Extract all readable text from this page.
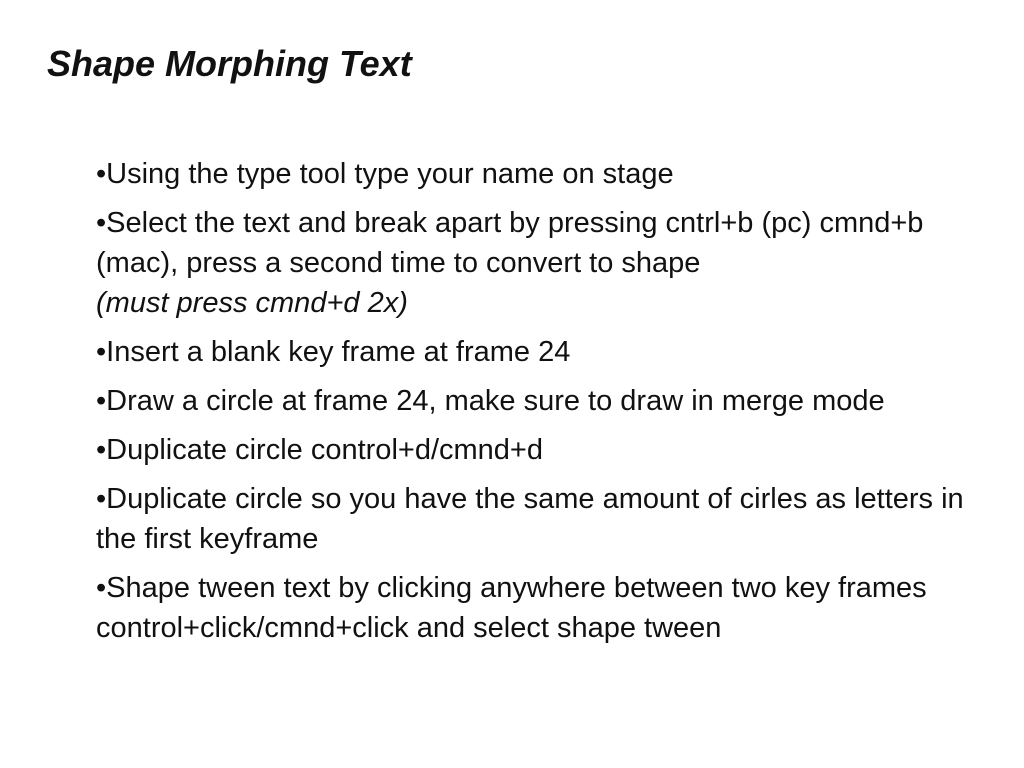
Shape Morphing Text
•Using the type tool type your name on stage
•Select the text and break apart by pressing cntrl+b (pc) cmnd+b (mac), press a second time to convert to shape
(must press cmnd+d 2x)
•Insert a blank key frame at frame 24
•Draw a circle at frame 24, make sure to draw in merge mode
•Duplicate circle control+d/cmnd+d
•Duplicate circle so you have the same amount of cirles as letters in the first keyframe
•Shape tween text by clicking anywhere between two key frames control+click/cmnd+click and select shape tween
